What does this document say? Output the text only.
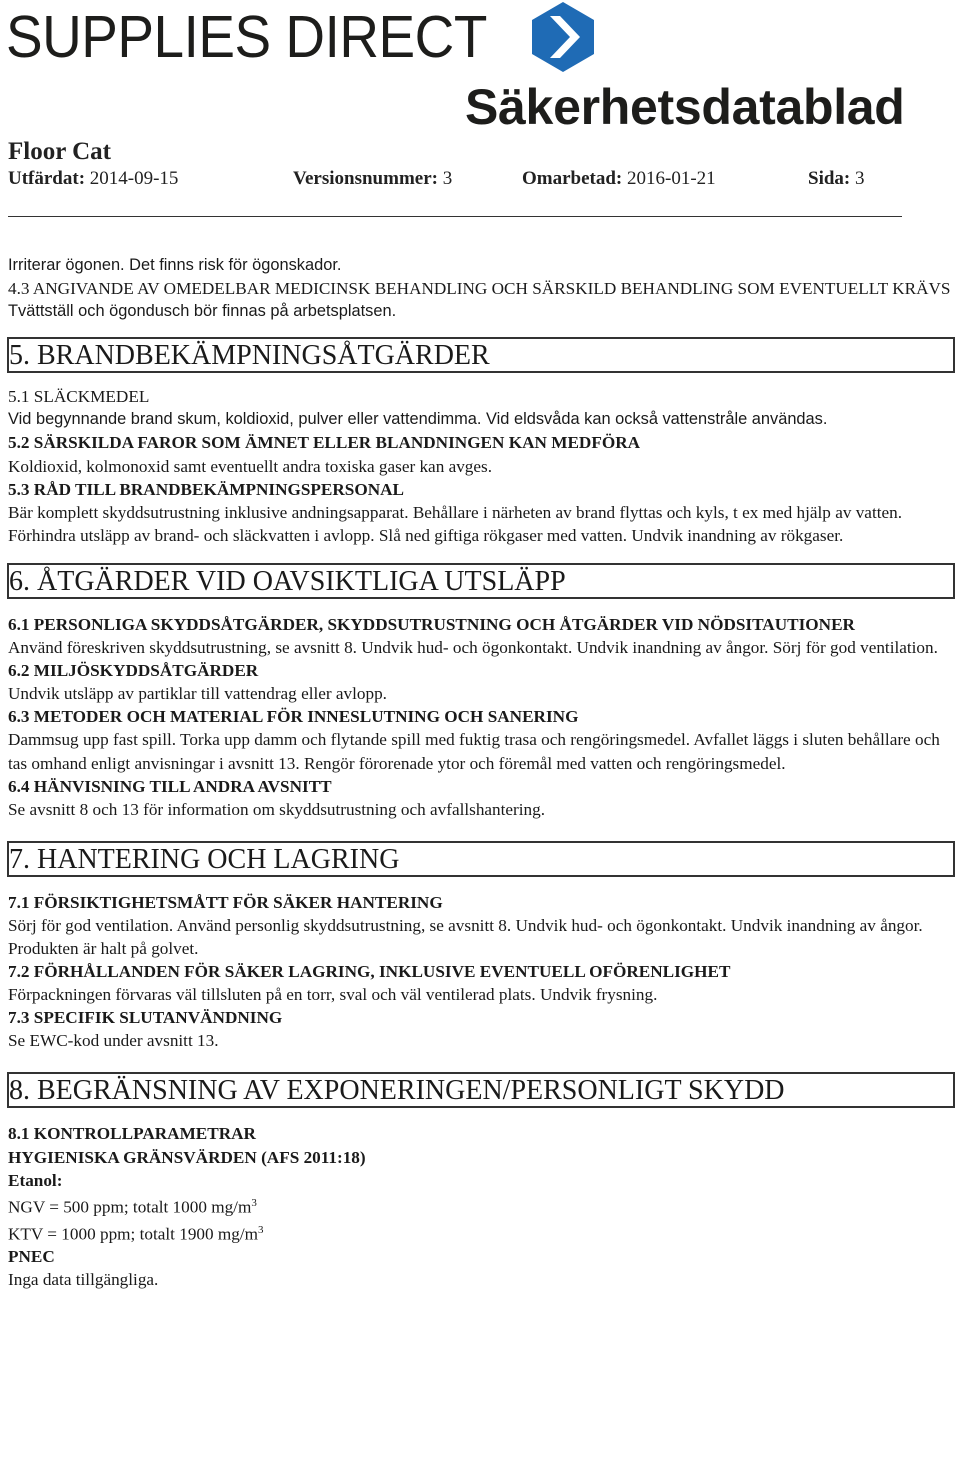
SUPPLIES DIRECT
Säkerhetsdatablad
Floor Cat
Utfärdat: 2014-09-15	Versionsnummer: 3	Omarbetad: 2016-01-21	Sida: 3

Irriterar ögonen. Det finns risk för ögonskador.

4.3 ANGIVANDE AV OMEDELBAR MEDICINSK BEHANDLING OCH SÄRSKILD BEHANDLING SOM EVENTUELLT KRÄVS

Tvättställ och ögondusch bör finnas på arbetsplatsen.

5. BRANDBEKÄMPNINGSÅTGÄRDER

5.1 SLÄCKMEDEL

Vid begynnande brand skum, koldioxid, pulver eller vattendimma. Vid eldsvåda kan också vattenstråle användas.

5.2 SÄRSKILDA FAROR SOM ÄMNET ELLER BLANDNINGEN KAN MEDFÖRA

Koldioxid, kolmonoxid samt eventuellt andra toxiska gaser kan avges.

5.3 RÅD TILL BRANDBEKÄMPNINGSPERSONAL

Bär komplett skyddsutrustning inklusive andningsapparat. Behållare i närheten av brand flyttas och kyls, t ex med hjälp av vatten. Förhindra utsläpp av brand- och släckvatten i avlopp. Slå ned giftiga rökgaser med vatten. Undvik inandning av rökgaser.

6. ÅTGÄRDER VID OAVSIKTLIGA UTSLÄPP

6.1 PERSONLIGA SKYDDSÅTGÄRDER, SKYDDSUTRUSTNING OCH ÅTGÄRDER VID NÖDSITAUTIONER

Använd föreskriven skyddsutrustning, se avsnitt 8. Undvik hud- och ögonkontakt. Undvik inandning av ångor. Sörj för god ventilation.

6.2 MILJÖSKYDDSÅTGÄRDER

Undvik utsläpp av partiklar till vattendrag eller avlopp.

6.3 METODER OCH MATERIAL FÖR INNESLUTNING OCH SANERING

Dammsug upp fast spill. Torka upp damm och flytande spill med fuktig trasa och rengöringsmedel. Avfallet läggs i sluten behållare och tas omhand enligt anvisningar i avsnitt 13. Rengör förorenade ytor och föremål med vatten och rengöringsmedel.

6.4 HÄNVISNING TILL ANDRA AVSNITT

Se avsnitt 8 och 13 för information om skyddsutrustning och avfallshantering.

7. HANTERING OCH LAGRING

7.1 FÖRSIKTIGHETSMÅTT FÖR SÄKER HANTERING

Sörj för god ventilation. Använd personlig skyddsutrustning, se avsnitt 8. Undvik hud- och ögonkontakt. Undvik inandning av ångor. Produkten är halt på golvet.

7.2 FÖRHÅLLANDEN FÖR SÄKER LAGRING, INKLUSIVE EVENTUELL OFÖRENLIGHET

Förpackningen förvaras väl tillsluten på en torr, sval och väl ventilerad plats. Undvik frysning.

7.3 SPECIFIK SLUTANVÄNDNING

Se EWC-kod under avsnitt 13.

8. BEGRÄNSNING AV EXPONERINGEN/PERSONLIGT SKYDD

8.1 KONTROLLPARAMETRAR

HYGIENISKA GRÄNSVÄRDEN (AFS 2011:18)

Etanol:

NGV = 500 ppm; totalt 1000 $mg/m^3$

KTV = 1000 ppm; totalt 1900 $mg/m^3$

PNEC

Inga data tillgängliga.
